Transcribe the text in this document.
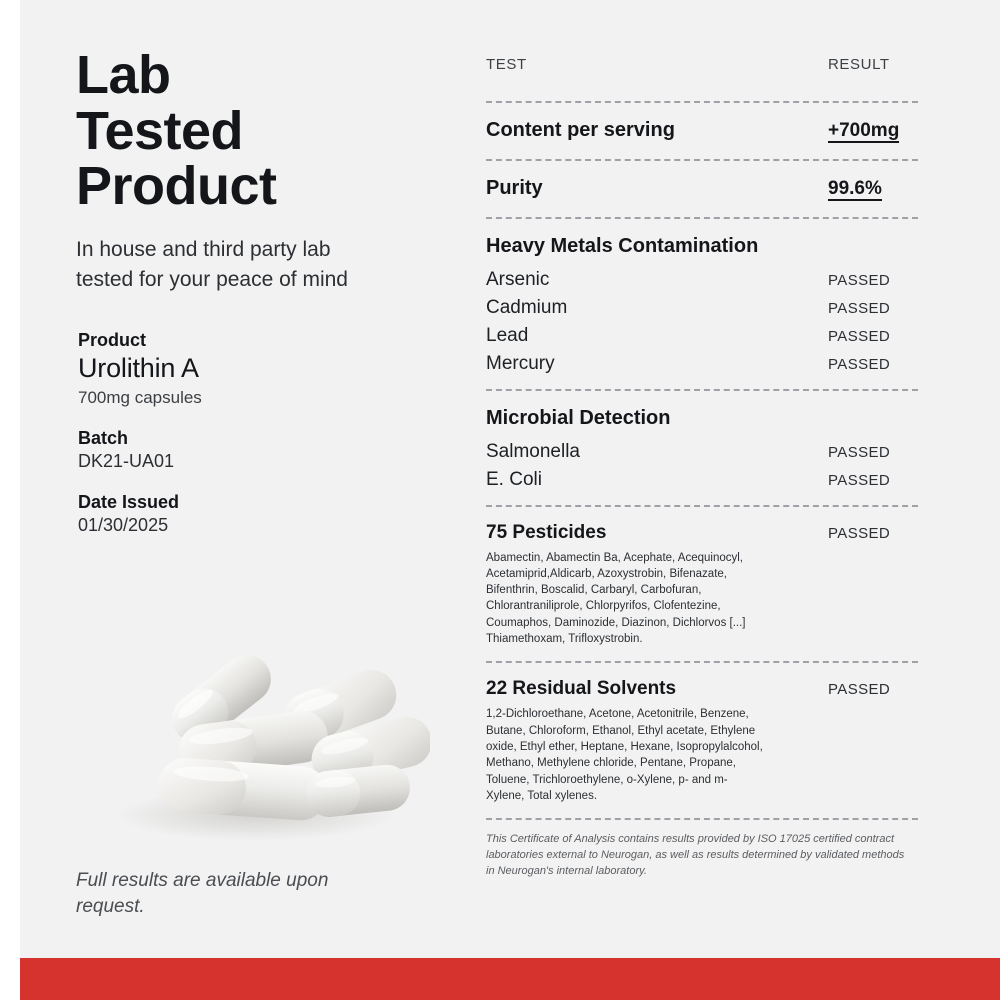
Lab
Tested
Product

In house and third party lab tested for your peace of mind

Product
Urolithin A
700mg capsules
Batch
DK21-UA01
Date Issued
01/30/2025
Full results are available upon request.
TEST	RESULT
Content per serving	+700mg
Purity	99.6%
Heavy Metals Contamination
Arsenic	PASSED
Cadmium	PASSED
Lead	PASSED
Mercury	PASSED
Microbial Detection
Salmonella	PASSED
E. Coli	PASSED
75 Pesticides	PASSED
Abamectin, Abamectin Ba, Acephate, Acequinocyl, Acetamiprid,Aldicarb, Azoxystrobin, Bifenazate, Bifenthrin, Boscalid, Carbaryl, Carbofuran, Chlorantraniliprole, Chlorpyrifos, Clofentezine, Coumaphos, Daminozide, Diazinon, Dichlorvos [...] Thiamethoxam, Trifloxystrobin.
22 Residual Solvents	PASSED
1,2-Dichloroethane, Acetone, Acetonitrile, Benzene, Butane, Chloroform, Ethanol, Ethyl acetate, Ethylene oxide, Ethyl ether, Heptane, Hexane, Isopropylalcohol, Methano, Methylene chloride, Pentane, Propane, Toluene, Trichloroethylene, o-Xylene, p- and m-Xylene, Total xylenes.
This Certificate of Analysis contains results provided by ISO 17025 certified contract laboratories external to Neurogan, as well as results determined by validated methods in Neurogan's internal laboratory.
